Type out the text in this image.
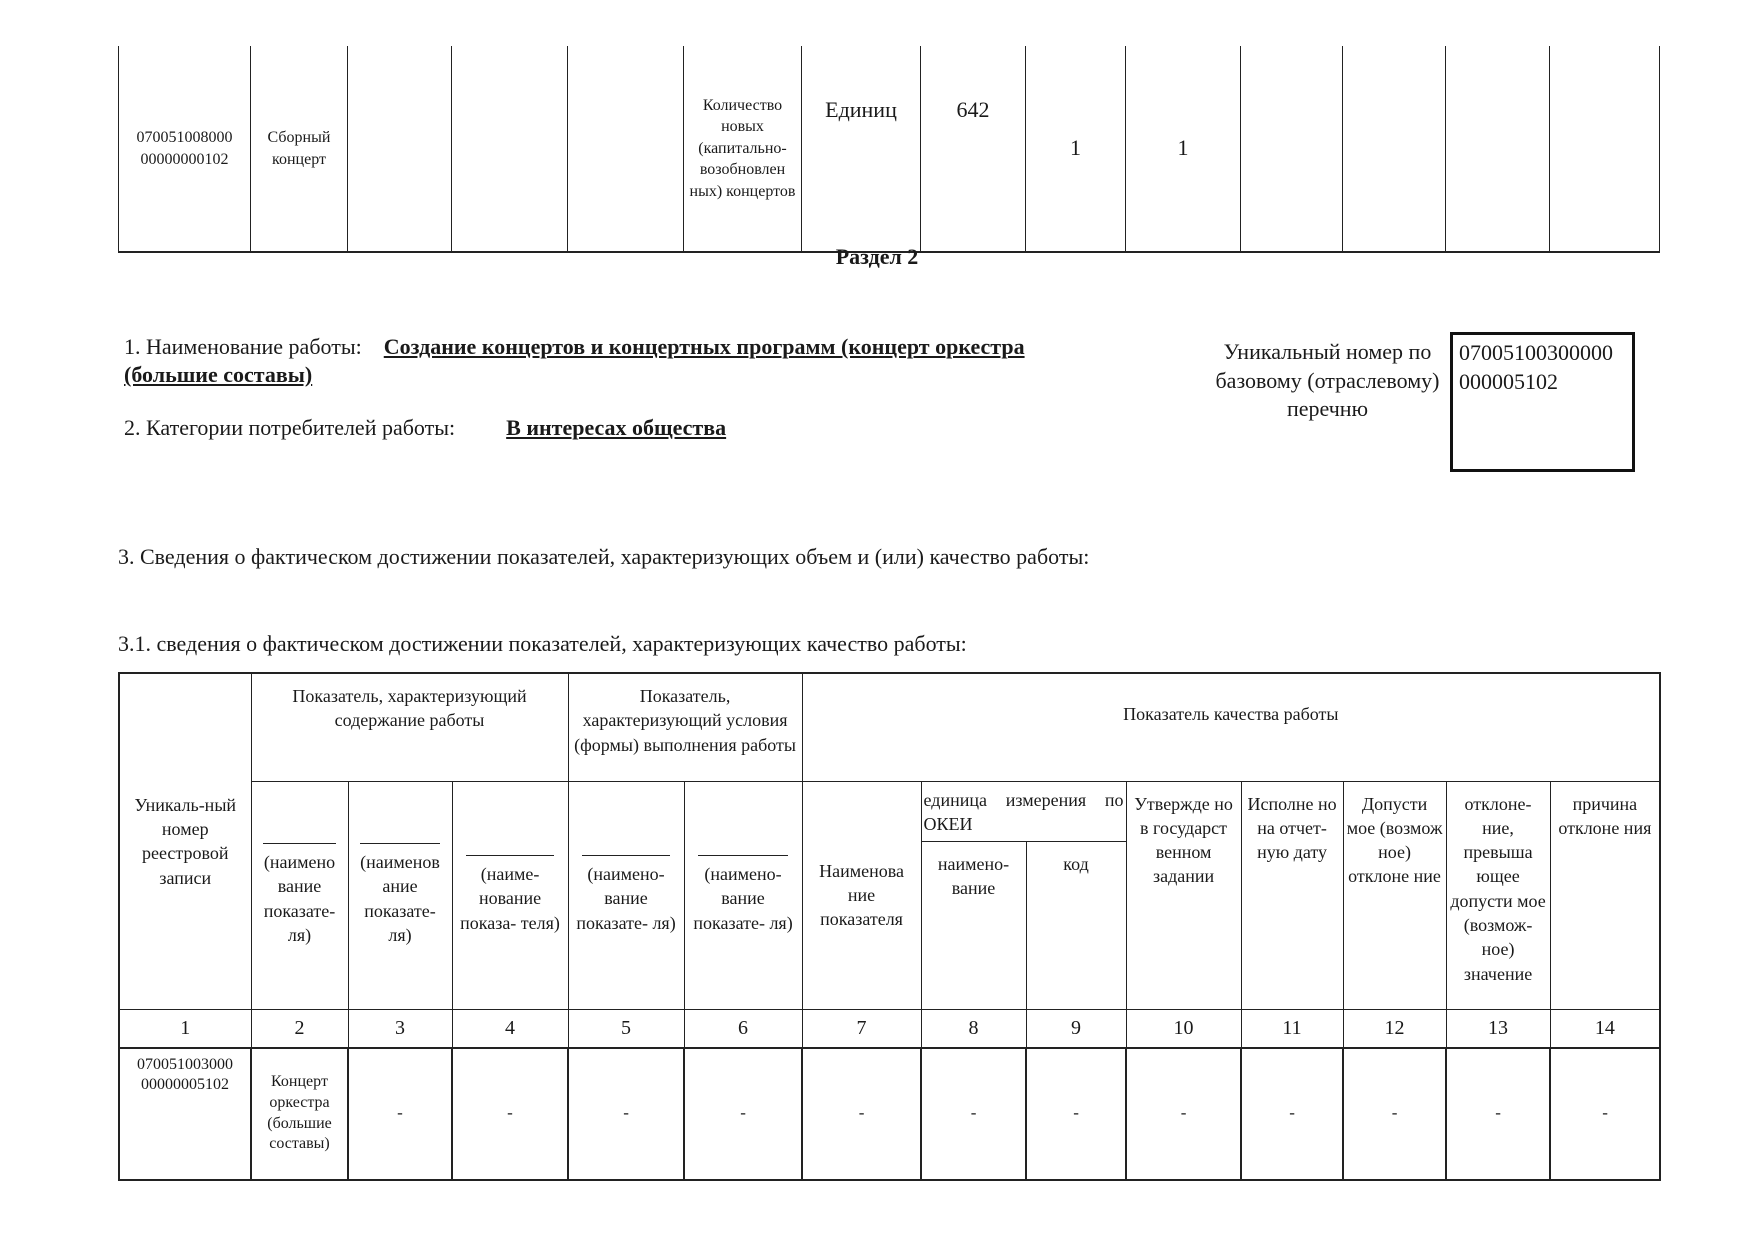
070051008000 00000000102	Сборный концерт				Количество новых (капитально-возобновлен ных) концертов	Единиц	642	1	1				
Раздел 2
1. Наименование работы: Создание концертов и концертных программ (концерт оркестра
(большие составы)
2. Категории потребителей работы: В интересах общества
Уникальный номер по базовому (отраслевому) перечню
07005100300000 000005102
3. Сведения о фактическом достижении показателей, характеризующих объем и (или) качество работы:
3.1. сведения о фактическом достижении показателей, характеризующих качество работы:
Уникаль-ный номер реестровой записи	Показатель, характеризующий содержание работы			Показатель, характеризующий условия (формы) выполнения работы		Показатель качества работы							

(наимено вание показате- ля)	(наименов ание показате- ля)	(наиме- нование показа- теля)	(наимено- вание показате- ля)	(наимено- вание показате- ля)	Наименова ние показателя	единица измерения по ОКЕИ		Утвержде но в государст венном задании	Исполне но на отчет- ную дату	Допусти мое (возмож ное) отклоне ние	отклоне- ние, превыша ющее допусти мое (возмож- ное) значение	причина отклоне ния
							наимено- вание	код					
1	2	3	4	5	6	7	8	9	10	11	12	13	14
070051003000 00000005102	Концерт оркестра (большие составы)	-	-	-	-	-	-	-	-	-	-	-	-
